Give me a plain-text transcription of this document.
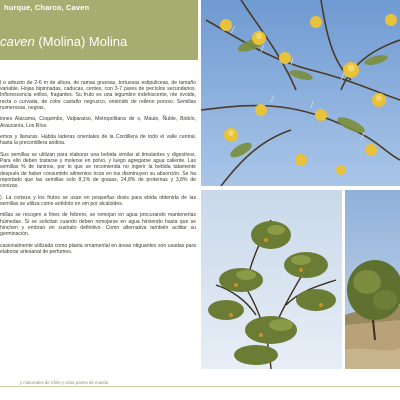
hurque, Charco, Caven
caven (Molina) Molina

l o arbusto de 2-6 m de altura, de ramas gruesas, tortuosas estipuliceas, de tamaño variable. Hojas bipinnadas, caducas, centes, con 3-7 pares de pecíolos secundarios. Inflorescencia erillos, fragantes. Su fruto es una legumbre indehiscente, nte ovoide, recta o curvada, de color castaño negruzco, ontenido de relleno poroso. Semillas numerosas, negras,

iones Atacama, Coquimbo, Valparaíso, Metropolitana de s, Maule, Ñuble, Biobío, Araucanía, Los Ríos.

emos y llanuras. Habita laderas orientales de la Cordillera de todo el valle central, hasta la precordillera andina.

Sus semillas se utilizan para elaborar una bebida similar al timulantes y digestivos. Para ello deben tostarse y molerse en polvo, y luego agregarse agua caliente. Las semillas % de taninos, por lo que se recomienda no ingerir la bebida tatamente después de haber consumido alimentos ricos en tos disminuyen su absorción. Se ha reportado que las semillas solo 8,1% de grasas, 24,8% de proteínas y 3,8% de cenizas.

). La corteza y los frutos se usan en pequeñas dosis para ebida obtenida de las semillas se utiliza como antídoto en om por alcaloides.

millas se recogen a fines de febrero, se remojan en agua procurando mantenerlas húmedas. Si se solicitan cuando deben remojarse en agua hirviendo hasta que se hinchen y embran en sustrato definitivo. Como alternativa también acilitar su germinación.

casionalmente utilizada como planta ornamental en áreas ntiguantes son usadas para elaborar artesanal de perfumes.

y matorrales de Chile y otras partes de mundo
